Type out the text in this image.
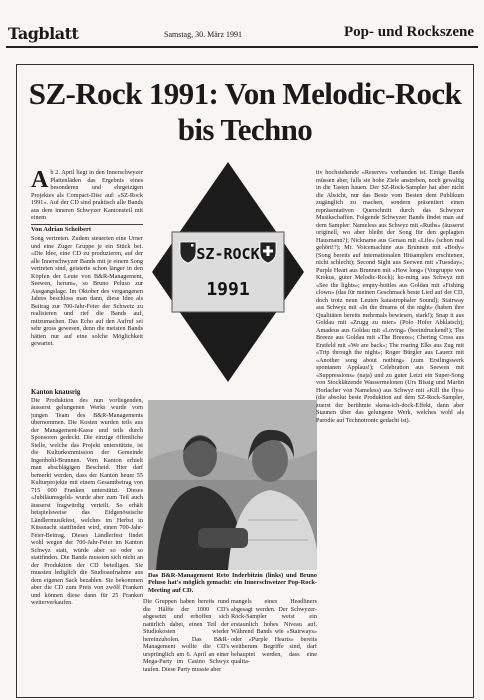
Tagblatt	Samstag, 30. März 1991	Pop- und Rockszene
SZ-Rock 1991: Von Melodic-Rock
bis Techno

Ab 2. April liegt in den Innerschwyzer Plattenläden das Ergebnis eines besonderen und ehrgeizigen Projektes als Compact-Disc auf: «SZ-Rock 1991». Auf der CD sind praktisch alle Bands aus dem inneren Schwyzer Kantonsteil mit einem

Von Adrian Scheibert

Song vertreten. Zudem steuerten eine Urner und eine Zuger Gruppe je ein Stück bei. «Die Idee, eine CD zu produzieren, auf der alle Innerschwyzer Bands mit je einem Song vertreten sind, geisterte schon länger in den Köpfen der Leute von B&R-Management, Seewen, herum», so Bruno Peluso zur Ausgangslage. Im Oktober des vergangenen Jahres beschloss man dann, diese Idee als Beitrag zur 700-Jahr-Feier der Schweiz zu realisieren und rief die Bands auf, mitzumachen. Das Echo auf den Aufruf sei sehr gross gewesen, denn die meisten Bands hätten nur auf eine solche Möglichkeit gewartet.

Kanton knausrig

Die Produktion des nun vorliegenden, äusserst gelungenen Werks wurde vom jungen Team des B&R-Managements übernommen. Die Kosten wurden teils aus der Management-Kasse und teils durch Sponsoren gedeckt. Die einzige öffentliche Stelle, welche das Projekt unterstützte, ist die Kulturkommission der Gemeinde Ingenbohl-Brunnen. Vom Kanton erhielt man abschlägigen Bescheid. Hier darf bemerkt werden, dass der Kanton heuer 55 Kulturprojekte mit einem Gesamtbetrag von 715 000 Franken unterstützt. Dieses «Jubiläumsgeld» wurde aber zum Teil auch äusserst fragwürdig verteilt. So erhält beispielsweise das Eidgenössische Ländlermusikfest, welches im Herbst in Küssnacht stattfinden wird, einen 700-Jahr-Feier-Beitrag. Dieses Ländlerfest findet wohl wegen der 700-Jahr-Feier im Kanton Schwyz statt, würde aber so oder so stattfinden. Die Bands mussten sich nicht an der Produktion der CD beteiligen. Sie mussten lediglich die Studioaufnahme aus dem eigenen Sack bezahlen. Sie bekommen aber die CD zum Preis von zwölf Franken und können diese dann für 25 Franken weiterverkaufen.

SZ-ROCK
1991
Das B&R-Management Reto Inderbitzin (links) und Bruno Peluso hat's möglich gemacht: ein Innerschweizer Pop-Rock-Meeting auf CD.

Die Gruppen haben bereits rund die Hälfte der 1000 CD's abgesetzt und erhoffen sich natürlich dabei, einen Teil der Studiokosten wieder hereinzuholen. Das B&R-Management wollte die CD's ursprünglich am 6. April an einer Mega-Party im Casino Schwyz taufen. Diese Party musste aber

mangels eines Headliners abgesagt werden. Der Schwyzer-Rock-Sampler weist ein erstaunlich hohes Niveau auf. Während Bands wie «Stairways» oder «Purple Hearts» bereits weitherum Begriffe sind, darf behauptet werden, dass eine qualita-

tiv hochstehende «Reserve» vorhanden ist. Einige Bands müssen aber, falls sie hohe Ziele anstreben, noch gewaltig in die Tasten hauen. Der SZ-Rock-Sampler hat aber nicht die Absicht, nur das Beste vom Besten dem Publikum zugänglich zu machen, sondern präsentiert einen repräsentativen Querschnitt durch das Schwyzer Musikschaffen. Folgende Schwyzer Bands findet man auf dem Sampler: Nameless aus Schwyz mit «Ruths» (äusserst originell, wo aber bleibt der Song für den geplagten Hausmann?); Nickname aus Gersau mit «Life» (schon mal gehört!?); Mr. Voicemachine aus Brunnen mit «Body» (Song bereits auf internationalen Hitsamplers erschienen, nicht schlecht); Second Sight aus Seewen mit «Tuesday»; Purple Heart aus Brunnen mit «How long» (Vorgruppe von Krokus, guter Melodic-Rock); ko-ming aus Schwyz mit «See the lights»; empty-bottles aus Goldau mit «Fishing clown» (das für meinen Geschmack beste Lied auf der CD, doch trotz neun Leuten katastrophaler Sound); Stairway aus Schwyz mit «In the dreams of the night» (haben ihre Qualitäten bereits mehrmals bewiesen, stark!); Snap it aus Goldau mit «Zrugg zu mier» (Polo Hofer Abklatsch); Amadeus aus Goldau mit «Loving» (beeindruckend!); The Breeze aus Goldau mit «The Breeze»; Chering Cross aus Erstfeld mit «We are back»; The roaring Elks aus Zug mit «Trip through the night»; Roger Bürgler aus Lauerz mit «Another song about nothing» (zum Erstlingswerk spontanen Applaus!); Celebration aus Seewen mit «Suppressions» (naja) und zu guter Letzt ein Super-Song von Stocklätzende Wassermelonen (Urs Bissig und Martin Horlacher von Nameless) aus Schwyz mit «Kill the flys» (die absolut beste Produktion auf dem SZ-Rock-Sampler, zuerst der berühmte skena-ich-dock-Effekt, dann aber Staunen über das gelungene Werk, welches wohl als Parodie auf Technotronic gedacht ist).
